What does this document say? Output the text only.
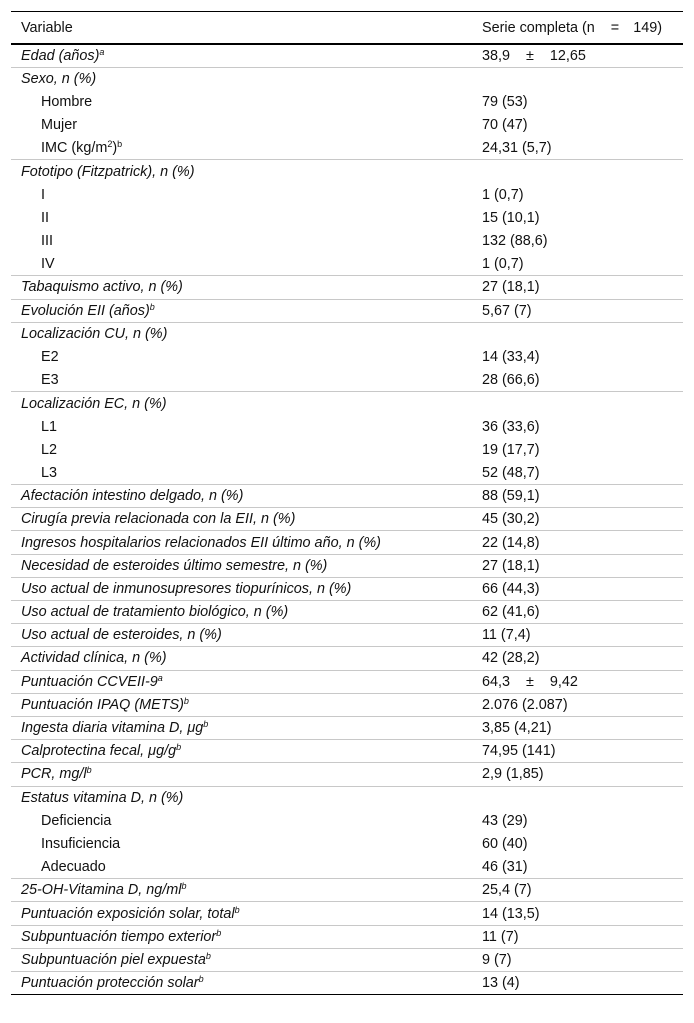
Variable	Serie completa (n = 149)
Edad (años)$^a$	38,9    ±    12,65
Sexo, n (%)	
Hombre	79 (53)
Mujer	70 (47)
IMC $(kg/m^2)^b$	24,31 (5,7)
Fototipo (Fitzpatrick), n (%)	
I	1 (0,7)
II	15 (10,1)
III	132 (88,6)
IV	1 (0,7)
Tabaquismo activo, n (%)	27 (18,1)
Evolución EII (años)$^b$	5,67 (7)
Localización CU, n (%)	
E2	14 (33,4)
E3	28 (66,6)
Localización EC, n (%)	
L1	36 (33,6)
L2	19 (17,7)
L3	52 (48,7)
Afectación intestino delgado, n (%)	88 (59,1)
Cirugía previa relacionada con la EII, n (%)	45 (30,2)
Ingresos hospitalarios relacionados EII último año, n (%)	22 (14,8)
Necesidad de esteroides último semestre, n (%)	27 (18,1)
Uso actual de inmunosupresores tiopurínicos, n (%)	66 (44,3)
Uso actual de tratamiento biológico, n (%)	62 (41,6)
Uso actual de esteroides, n (%)	11 (7,4)
Actividad clínica, n (%)	42 (28,2)
Puntuación CCVEII-9$^a$	64,3    ±    9,42
Puntuación IPAQ (METS)$^b$	2.076 (2.087)
Ingesta diaria vitamina D, $\mu g^b$	3,85 (4,21)
Calprotectina fecal, $\mu g/g^b$	74,95 (141)
PCR, $mg/l^b$	2,9 (1,85)
Estatus vitamina D, n (%)	
Deficiencia	43 (29)
Insuficiencia	60 (40)
Adecuado	46 (31)
25-OH-Vitamina D, $ng/ml^b$	25,4 (7)
Puntuación exposición solar, total$^b$	14 (13,5)
Subpuntuación tiempo exterior$^b$	11 (7)
Subpuntuación piel expuesta$^b$	9 (7)
Puntuación protección solar$^b$	13 (4)
